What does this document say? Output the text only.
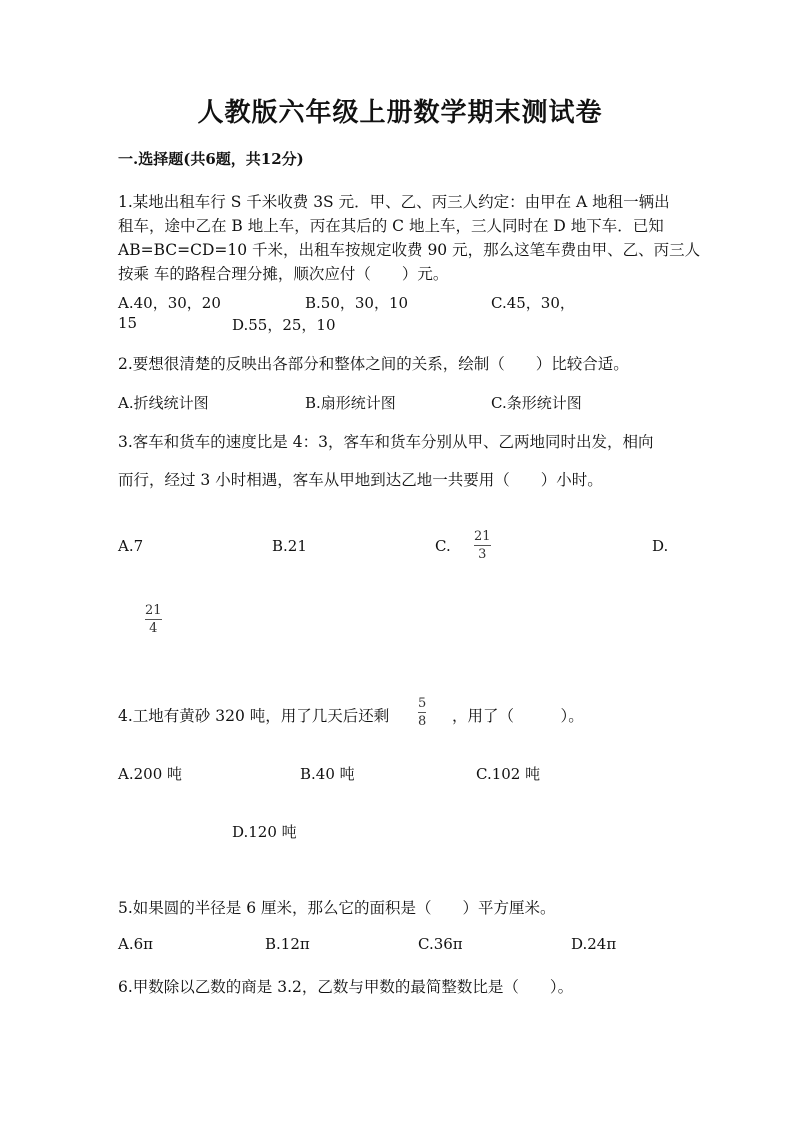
人教版六年级上册数学期末测试卷
一.选择题(共6题，共12分)
1.某地出租车行 S 千米收费 3S 元．甲、乙、丙三人约定：由甲在 A 地租一辆出
租车，途中乙在 B 地上车，丙在其后的 C 地上车，三人同时在 D 地下车．已知
AB=BC=CD=10 千米，出租车按规定收费 90 元，那么这笔车费由甲、乙、丙三人
按乘 车的路程合理分摊，顺次应付（　　）元。
A.40，30，20	B.50，30，10	C.45，30，
15	D.55，25，10
2.要想很清楚的反映出各部分和整体之间的关系，绘制（　　）比较合适。
A.折线统计图	B.扇形统计图	C.条形统计图
3.客车和货车的速度比是 4：3，客车和货车分别从甲、乙两地同时出发，相向
而行，经过 3 小时相遇，客车从甲地到达乙地一共要用（　　）小时。
A.7	B.21	C.
21
3	D.
21
4
4.工地有黄砂 320 吨，用了几天后还剩
5
8 ，用了（　　　）。
A.200 吨	B.40 吨	C.102 吨
D.120 吨
5.如果圆的半径是 6 厘米，那么它的面积是（　　）平方厘米。
A.6π	B.12π	C.36π	D.24π
6.甲数除以乙数的商是 3.2，乙数与甲数的最简整数比是（　　）。
